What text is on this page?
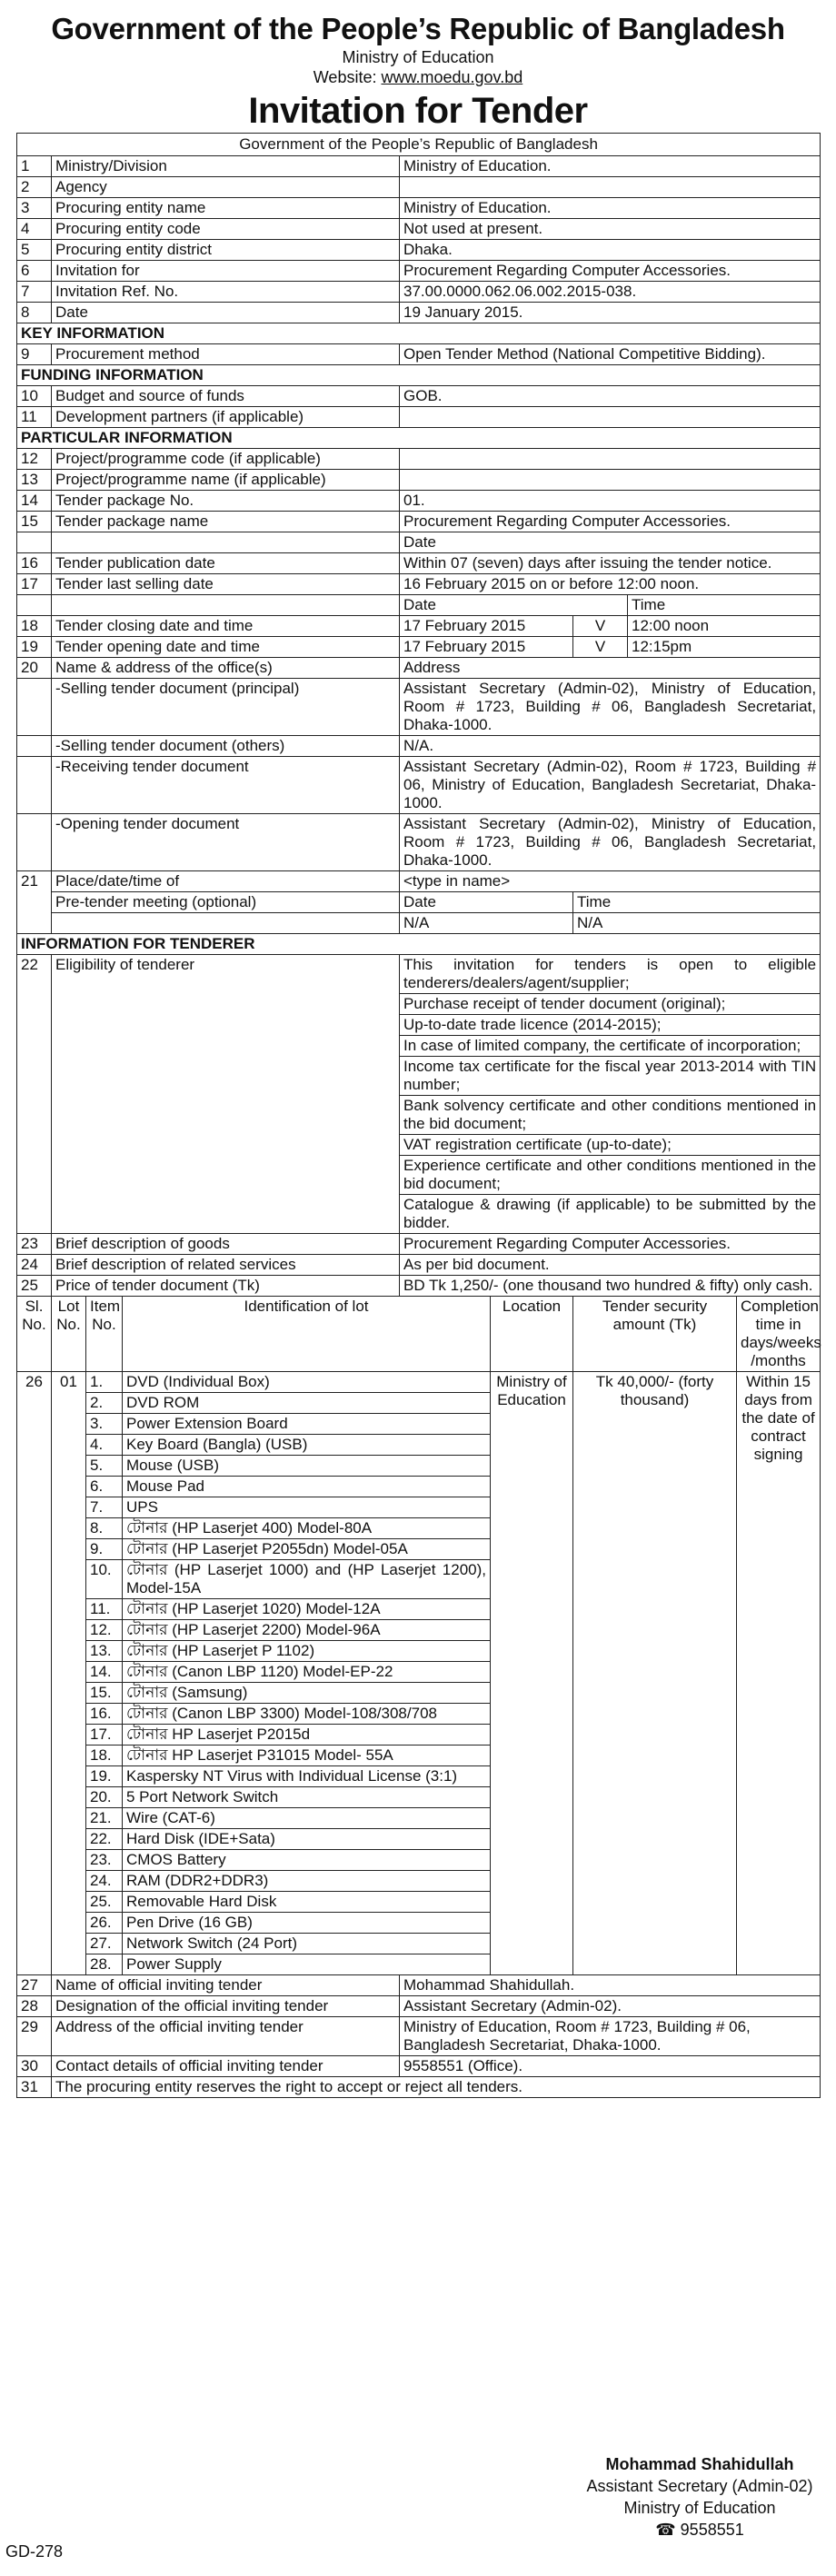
Government of the People’s Republic of Bangladesh
Ministry of Education
Website: www.moedu.gov.bd
Invitation for Tender
Government of the People’s Republic of Bangladesh								
1	Ministry/Division			Ministry of Education.				
2	Agency							
3	Procuring entity name			Ministry of Education.				
4	Procuring entity code			Not used at present.				
5	Procuring entity district			Dhaka.				
6	Invitation for			Procurement Regarding Computer Accessories.				
7	Invitation Ref. No.			37.00.0000.062.06.002.2015-038.				
8	Date			19 January 2015.				
KEY INFORMATION								
9	Procurement method			Open Tender Method (National Competitive Bidding).				
FUNDING INFORMATION								
10	Budget and source of funds			GOB.				
11	Development partners (if applicable)							
PARTICULAR INFORMATION								
12	Project/programme code (if applicable)							
13	Project/programme name (if applicable)							
14	Tender package No.			01.				
15	Tender package name			Procurement Regarding Computer Accessories.				
				Date				
16	Tender publication date			Within 07 (seven) days after issuing the tender notice.				
17	Tender last selling date			16 February 2015 on or before 12:00 noon.				
				Date			Time	
18	Tender closing date and time			17 February 2015		V	12:00 noon	
19	Tender opening date and time			17 February 2015		V	12:15pm	
20	Name & address of the office(s)			Address				
	-Selling tender document (principal)			Assistant Secretary (Admin-02), Ministry of Education, Room # 1723, Building # 06, Bangladesh Secretariat, Dhaka-1000.				
	-Selling tender document (others)			N/A.				
	-Receiving tender document			Assistant Secretary (Admin-02), Room # 1723, Building # 06, Ministry of Education, Bangladesh Secretariat, Dhaka-1000.				
	-Opening tender document			Assistant Secretary (Admin-02), Ministry of Education, Room # 1723, Building # 06, Bangladesh Secretariat, Dhaka-1000.				
21	Place/date/time of			<type in name>				
	Pre-tender meeting (optional)			Date		Time		
				N/A		N/A		
INFORMATION FOR TENDERER								
22	Eligibility of tenderer			This invitation for tenders is open to eligible tenderers/dealers/agent/supplier;				
				Purchase receipt of tender document (original);				
				Up-to-date trade licence (2014-2015);				
				In case of limited company, the certificate of incorporation;				
				Income tax certificate for the fiscal year 2013-2014 with TIN number;				
				Bank solvency certificate and other conditions mentioned in the bid document;				
				VAT registration certificate (up-to-date);				
				Experience certificate and other conditions mentioned in the bid document;				
				Catalogue & drawing (if applicable) to be submitted by the bidder.				
23	Brief description of goods			Procurement Regarding Computer Accessories.				
24	Brief description of related services			As per bid document.				
25	Price of tender document (Tk)			BD Tk 1,250/- (one thousand two hundred & fifty) only cash.				
Sl. No.	Lot No.	Item No.	Identification of lot		Location	Tender security amount (Tk)		Completion time in days/weeks /months
26	01	1.	DVD (Individual Box)		Ministry of Education	Tk 40,000/- (forty thousand)		Within 15 days from the date of contract signing
		2.	DVD ROM					
		3.	Power Extension Board					
		4.	Key Board (Bangla) (USB)					
		5.	Mouse (USB)					
		6.	Mouse Pad					
		7.	UPS					
		8.	টোনার (HP Laserjet 400) Model-80A					
		9.	টোনার (HP Laserjet P2055dn) Model-05A					
		10.	টোনার (HP Laserjet 1000) and (HP Laserjet 1200), Model-15A					
		11.	টোনার (HP Laserjet 1020) Model-12A					
		12.	টোনার (HP Laserjet 2200) Model-96A					
		13.	টোনার (HP Laserjet P 1102)					
		14.	টোনার (Canon LBP 1120) Model-EP-22					
		15.	টোনার (Samsung)					
		16.	টোনার (Canon LBP 3300) Model-108/308/708					
		17.	টোনার HP Laserjet P2015d					
		18.	টোনার HP Laserjet P31015 Model- 55A					
		19.	Kaspersky NT Virus with Individual License (3:1)					
		20.	5 Port Network Switch					
		21.	Wire (CAT-6)					
		22.	Hard Disk (IDE+Sata)					
		23.	CMOS Battery					
		24.	RAM (DDR2+DDR3)					
		25.	Removable Hard Disk					
		26.	Pen Drive (16 GB)					
		27.	Network Switch (24 Port)					
		28.	Power Supply					
27	Name of official inviting tender			Mohammad Shahidullah.				
28	Designation of the official inviting tender			Assistant Secretary (Admin-02).				
29	Address of the official inviting tender			Ministry of Education, Room # 1723, Building # 06, Bangladesh Secretariat, Dhaka-1000.				
30	Contact details of official inviting tender			9558551 (Office).				
31	The procuring entity reserves the right to accept or reject all tenders.							
Mohammad Shahidullah
Assistant Secretary (Admin-02)
Ministry of Education
☎ 9558551
GD-278
